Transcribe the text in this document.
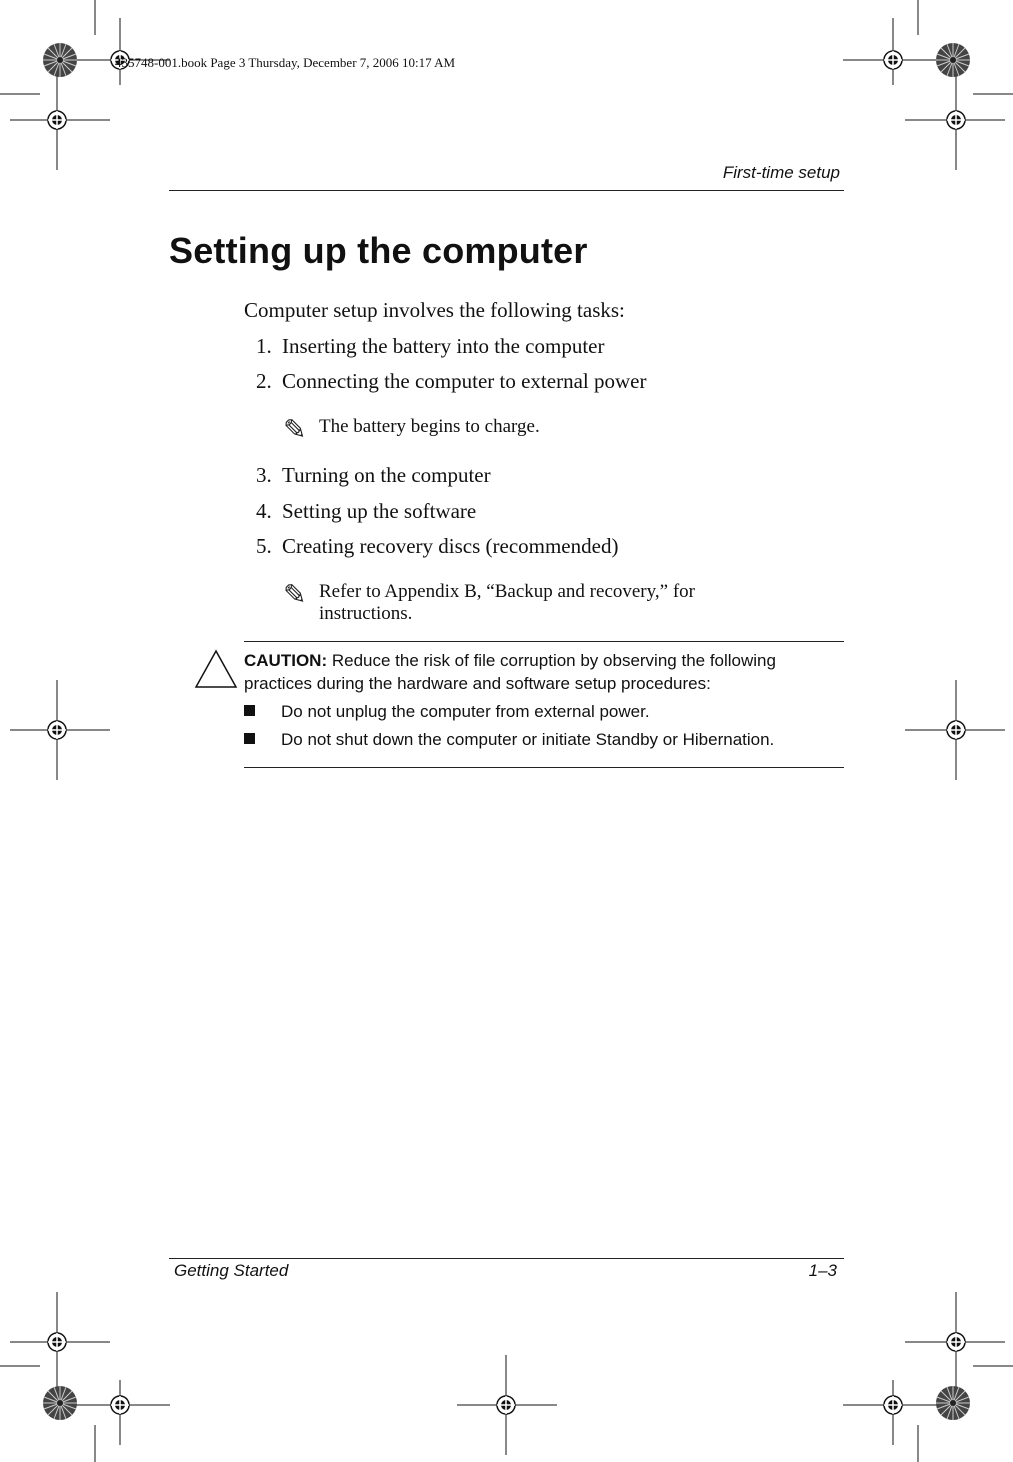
435748-001.book Page 3 Thursday, December 7, 2006 10:17 AM
First-time setup
Setting up the computer
Computer setup involves the following tasks:
1. Inserting the battery into the computer
2. Connecting the computer to external power
✎ The battery begins to charge.
3. Turning on the computer
4. Setting up the software
5. Creating recovery discs (recommended)
✎ Refer to Appendix B, “Backup and recovery,” for
instructions.
CAUTION: Reduce the risk of file corruption by observing the following practices during the hardware and software setup procedures:
Do not unplug the computer from external power.
Do not shut down the computer or initiate Standby or Hibernation.
Getting Started	1–3
